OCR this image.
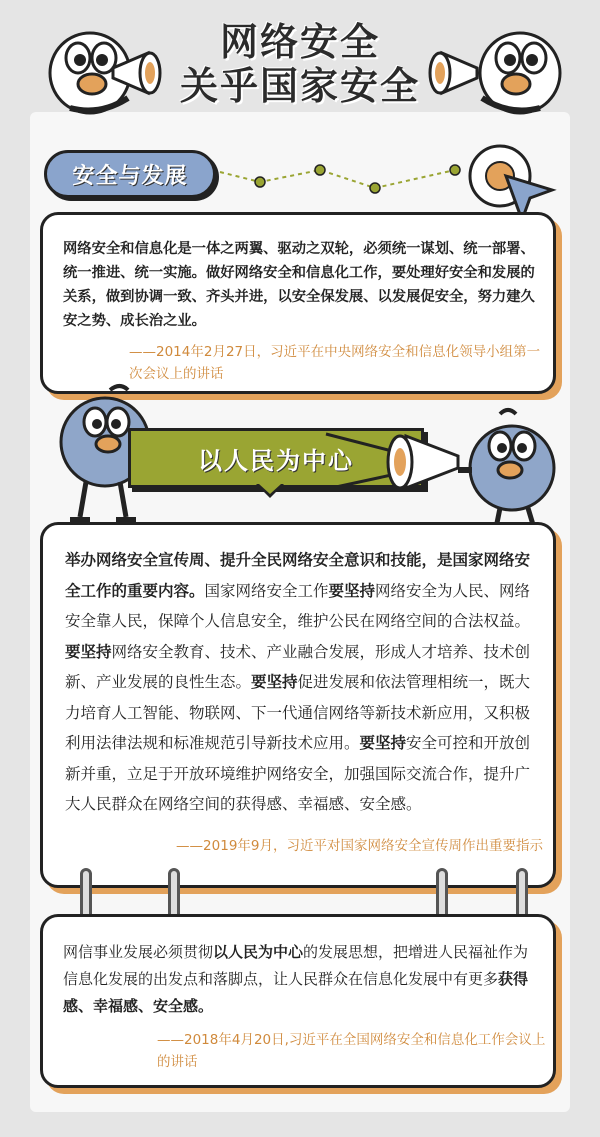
网络安全
关乎国家安全
安全与发展
网络安全和信息化是一体之两翼、驱动之双轮，必须统一谋划、统一部署、统一推进、统一实施。做好网络安全和信息化工作，要处理好安全和发展的关系，做到协调一致、齐头并进，以安全保发展、以发展促安全，努力建久安之势、成长治之业。
——2014年2月27日，习近平在中央网络安全和信息化领导小组第一次会议上的讲话
以人民为中心
举办网络安全宣传周、提升全民网络安全意识和技能，是国家网络安全工作的重要内容。国家网络安全工作要坚持网络安全为人民、网络安全靠人民，保障个人信息安全，维护公民在网络空间的合法权益。要坚持网络安全教育、技术、产业融合发展，形成人才培养、技术创新、产业发展的良性生态。要坚持促进发展和依法管理相统一，既大力培育人工智能、物联网、下一代通信网络等新技术新应用，又积极利用法律法规和标准规范引导新技术应用。要坚持安全可控和开放创新并重，立足于开放环境维护网络安全，加强国际交流合作，提升广大人民群众在网络空间的获得感、幸福感、安全感。
——2019年9月，习近平对国家网络安全宣传周作出重要指示
网信事业发展必须贯彻以人民为中心的发展思想，把增进人民福祉作为信息化发展的出发点和落脚点，让人民群众在信息化发展中有更多获得感、幸福感、安全感。
——2018年4月20日,习近平在全国网络安全和信息化工作会议上的讲话
